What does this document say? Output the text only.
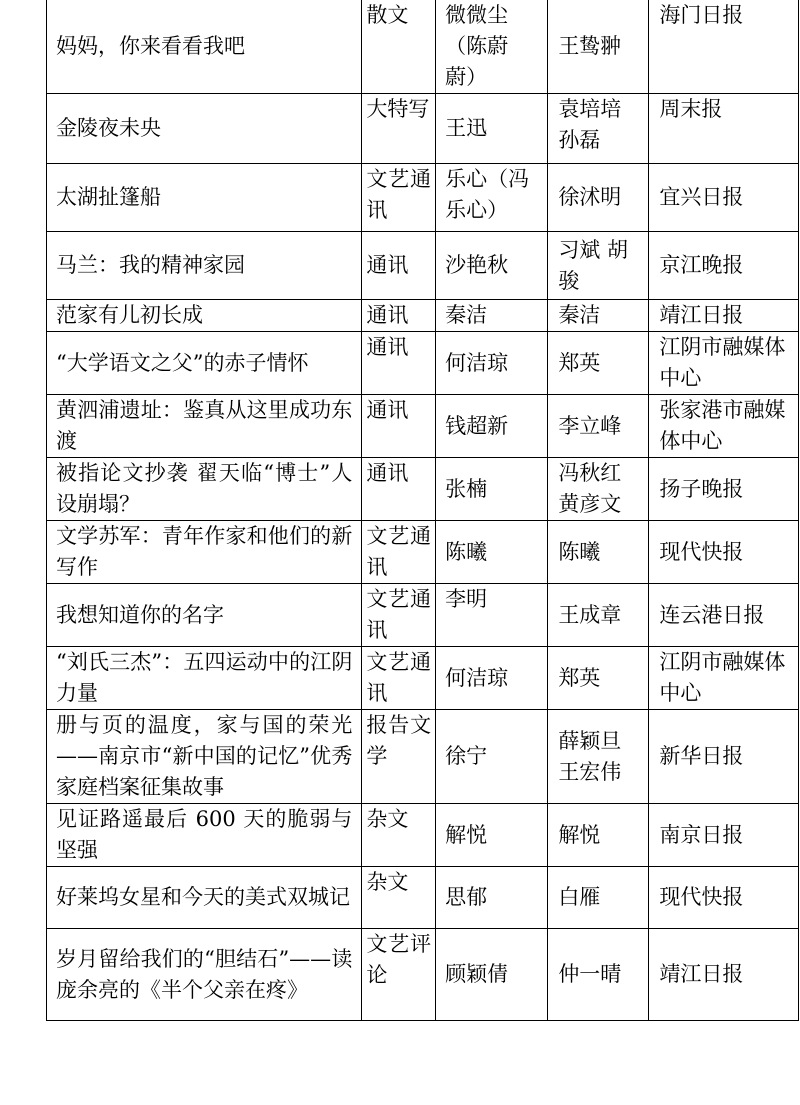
妈妈，你来看看我吧	散文	微微尘（陈蔚蔚）	王鸷翀	海门日报
金陵夜未央	大特写	王迅	袁培培 孙磊	周末报
太湖扯篷船	文艺通讯	乐心（冯乐心）	徐沭明	宜兴日报
马兰：我的精神家园	通讯	沙艳秋	习斌 胡骏	京江晚报
范家有儿初长成	通讯	秦洁	秦洁	靖江日报
“大学语文之父”的赤子情怀	通讯	何洁琼	郑英	江阴市融媒体中心
黄泗浦遗址：鉴真从这里成功东渡	通讯	钱超新	李立峰	张家港市融媒体中心
被指论文抄袭 翟天临“博士”人设崩塌？	通讯	张楠	冯秋红 黄彦文	扬子晚报
文学苏军：青年作家和他们的新写作	文艺通讯	陈曦	陈曦	现代快报
我想知道你的名字	文艺通讯	李明	王成章	连云港日报
“刘氏三杰”：五四运动中的江阴力量	文艺通讯	何洁琼	郑英	江阴市融媒体中心
册与页的温度，家与国的荣光——南京市“新中国的记忆”优秀家庭档案征集故事	报告文学	徐宁	薛颖旦 王宏伟	新华日报
见证路遥最后 600 天的脆弱与坚强	杂文	解悦	解悦	南京日报
好莱坞女星和今天的美式双城记	杂文	思郁	白雁	现代快报
岁月留给我们的“胆结石”——读庞余亮的《半个父亲在疼》	文艺评论	顾颖倩	仲一晴	靖江日报
